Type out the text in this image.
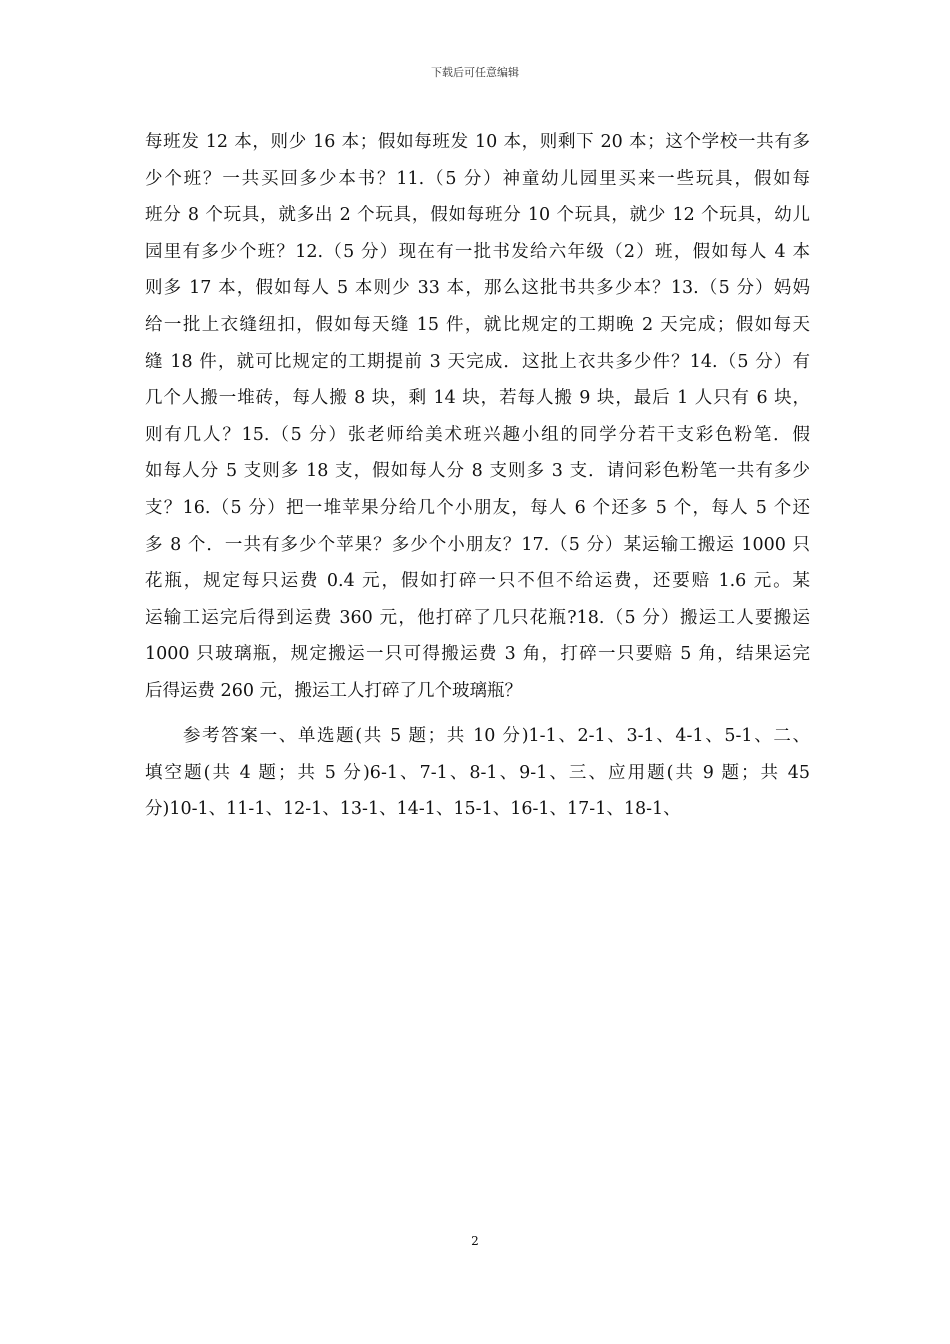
下载后可任意编辑
每班发 12 本，则少 16 本；假如每班发 10 本，则剩下 20 本；这个学校一共有多
少个班？一共买回多少本书？11.（5 分）神童幼儿园里买来一些玩具，假如每
班分 8 个玩具，就多出 2 个玩具，假如每班分 10 个玩具，就少 12 个玩具，幼儿
园里有多少个班？12.（5 分）现在有一批书发给六年级（2）班，假如每人 4 本
则多 17 本，假如每人 5 本则少 33 本，那么这批书共多少本？13.（5 分）妈妈
给一批上衣缝纽扣，假如每天缝 15 件，就比规定的工期晚 2 天完成；假如每天
缝 18 件，就可比规定的工期提前 3 天完成．这批上衣共多少件？14.（5 分）有
几个人搬一堆砖，每人搬 8 块，剩 14 块，若每人搬 9 块，最后 1 人只有 6 块，
则有几人？15.（5 分）张老师给美术班兴趣小组的同学分若干支彩色粉笔．假
如每人分 5 支则多 18 支，假如每人分 8 支则多 3 支．请问彩色粉笔一共有多少
支？16.（5 分）把一堆苹果分给几个小朋友，每人 6 个还多 5 个，每人 5 个还
多 8 个．一共有多少个苹果？多少个小朋友？17.（5 分）某运输工搬运 1000 只
花瓶，规定每只运费 0.4 元，假如打碎一只不但不给运费，还要赔 1.6 元。某
运输工运完后得到运费 360 元，他打碎了几只花瓶?18.（5 分）搬运工人要搬运
1000 只玻璃瓶，规定搬运一只可得搬运费 3 角，打碎一只要赔 5 角，结果运完
后得运费 260 元，搬运工人打碎了几个玻璃瓶？
参考答案一、单选题(共 5 题；共 10 分)1-1、2-1、3-1、4-1、5-1、二、
填空题(共 4 题；共 5 分)6-1、7-1、8-1、9-1、三、应用题(共 9 题；共 45
分)10-1、11-1、12-1、13-1、14-1、15-1、16-1、17-1、18-1、
2
